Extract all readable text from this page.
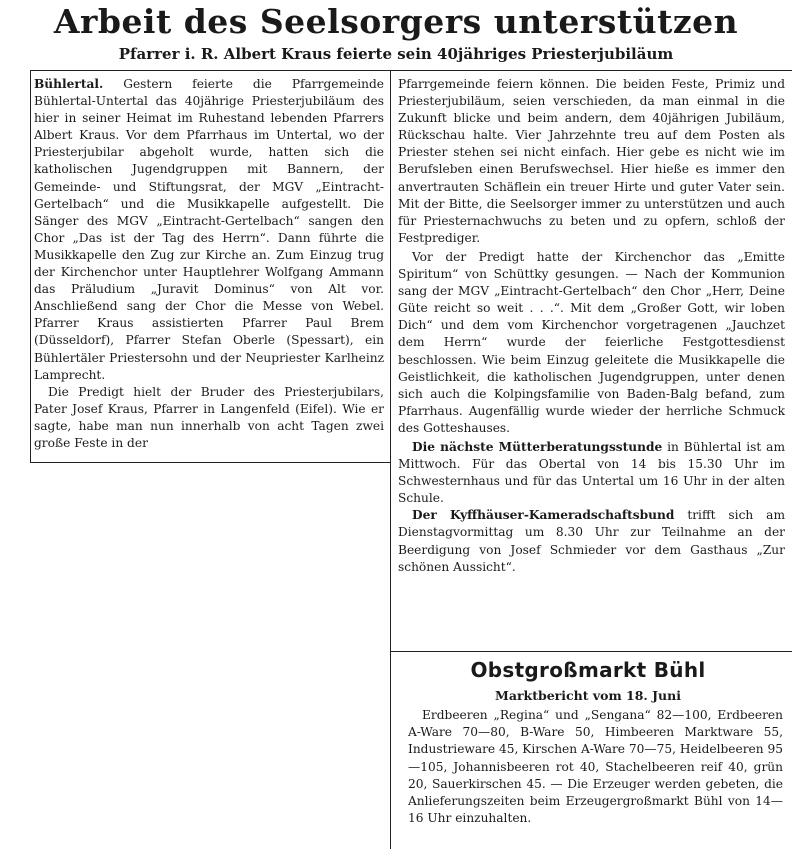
Arbeit des Seelsorgers unterstützen
Pfarrer i. R. Albert Kraus feierte sein 40jähriges Priesterjubiläum

Bühlertal. Gestern feierte die Pfarrgemeinde Bühlertal-Untertal das 40jährige Priesterjubiläum des hier in seiner Heimat im Ruhestand lebenden Pfarrers Albert Kraus. Vor dem Pfarrhaus im Untertal, wo der Priesterjubilar abgeholt wurde, hatten sich die katholischen Jugendgruppen mit Bannern, der Gemeinde- und Stiftungsrat, der MGV „Eintracht-Gertelbach“ und die Musikkapelle aufgestellt. Die Sänger des MGV „Eintracht-Gertelbach“ sangen den Chor „Das ist der Tag des Herrn“. Dann führte die Musikkapelle den Zug zur Kirche an. Zum Einzug trug der Kirchenchor unter Hauptlehrer Wolfgang Ammann das Präludium „Juravit Dominus“ von Alt vor. Anschließend sang der Chor die Messe von Webel. Pfarrer Kraus assistierten Pfarrer Paul Brem (Düsseldorf), Pfarrer Stefan Oberle (Spessart), ein Bühlertäler Priestersohn und der Neupriester Karlheinz Lamprecht.

Die Predigt hielt der Bruder des Priesterjubilars, Pater Josef Kraus, Pfarrer in Langenfeld (Eifel). Wie er sagte, habe man nun innerhalb von acht Tagen zwei große Feste in der

Pfarrgemeinde feiern können. Die beiden Feste, Primiz und Priesterjubiläum, seien verschieden, da man einmal in die Zukunft blicke und beim andern, dem 40jährigen Jubiläum, Rückschau halte. Vier Jahrzehnte treu auf dem Posten als Priester stehen sei nicht einfach. Hier gebe es nicht wie im Berufsleben einen Berufswechsel. Hier hieße es immer den anvertrauten Schäflein ein treuer Hirte und guter Vater sein. Mit der Bitte, die Seelsorger immer zu unterstützen und auch für Priesternachwuchs zu beten und zu opfern, schloß der Festprediger.

Vor der Predigt hatte der Kirchenchor das „Emitte Spiritum“ von Schüttky gesungen. — Nach der Kommunion sang der MGV „Eintracht-Gertelbach“ den Chor „Herr, Deine Güte reicht so weit . . .“. Mit dem „Großer Gott, wir loben Dich“ und dem vom Kirchenchor vorgetragenen „Jauchzet dem Herrn“ wurde der feierliche Festgottesdienst beschlossen. Wie beim Einzug geleitete die Musikkapelle die Geistlichkeit, die katholischen Jugendgruppen, unter denen sich auch die Kolpingsfamilie von Baden-Balg befand, zum Pfarrhaus. Augenfällig wurde wieder der herrliche Schmuck des Gotteshauses.

Die nächste Mütterberatungsstunde in Bühlertal ist am Mittwoch. Für das Obertal von 14 bis 15.30 Uhr im Schwesternhaus und für das Untertal um 16 Uhr in der alten Schule.

Der Kyffhäuser-Kameradschaftsbund trifft sich am Dienstagvormittag um 8.30 Uhr zur Teilnahme an der Beerdigung von Josef Schmieder vor dem Gasthaus „Zur schönen Aussicht“.

Obstgroßmarkt Bühl
Marktbericht vom 18. Juni

Erdbeeren „Regina“ und „Sengana“ 82—100, Erdbeeren A-Ware 70—80, B-Ware 50, Himbeeren Marktware 55, Industrieware 45, Kirschen A-Ware 70—75, Heidelbeeren 95—105, Johannisbeeren rot 40, Stachelbeeren reif 40, grün 20, Sauerkirschen 45. — Die Erzeuger werden gebeten, die Anlieferungszeiten beim Erzeugergroßmarkt Bühl von 14—16 Uhr einzuhalten.
